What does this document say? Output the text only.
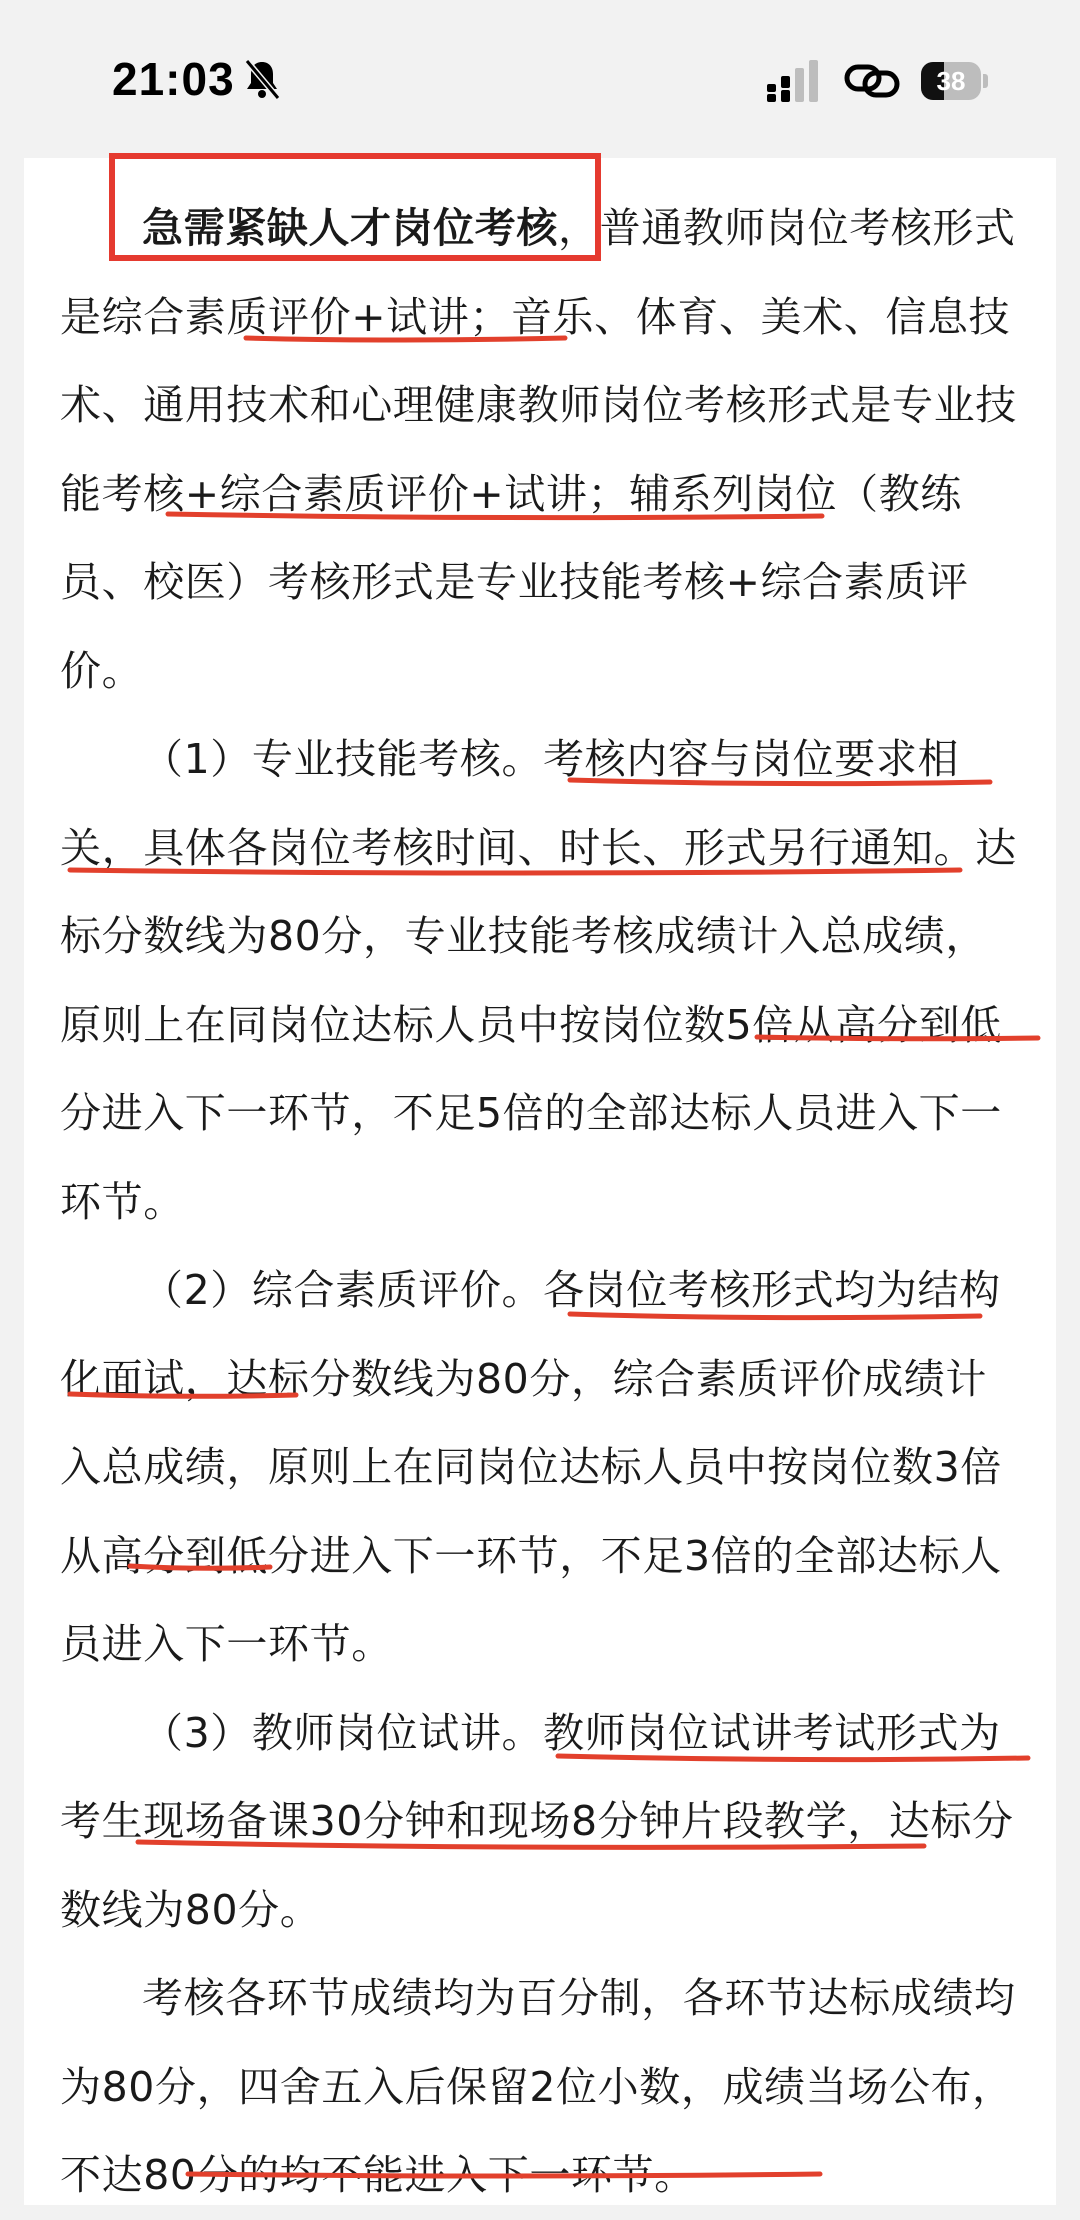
21:03	38

急需紧缺人才岗位考核，普通教师岗位考核形式是综合素质评价+试讲；音乐、体育、美术、信息技术、通用技术和心理健康教师岗位考核形式是专业技能考核+综合素质评价+试讲；辅系列岗位（教练员、校医）考核形式是专业技能考核+综合素质评价。

（1）专业技能考核。考核内容与岗位要求相关，具体各岗位考核时间、时长、形式另行通知。达标分数线为80分，专业技能考核成绩计入总成绩，原则上在同岗位达标人员中按岗位数5倍从高分到低分进入下一环节，不足5倍的全部达标人员进入下一环节。

（2）综合素质评价。各岗位考核形式均为结构化面试，达标分数线为80分，综合素质评价成绩计入总成绩，原则上在同岗位达标人员中按岗位数3倍从高分到低分进入下一环节，不足3倍的全部达标人员进入下一环节。

（3）教师岗位试讲。教师岗位试讲考试形式为考生现场备课30分钟和现场8分钟片段教学，达标分数线为80分。

考核各环节成绩均为百分制，各环节达标成绩均为80分，四舍五入后保留2位小数，成绩当场公布，不达80分的均不能进入下一环节。
